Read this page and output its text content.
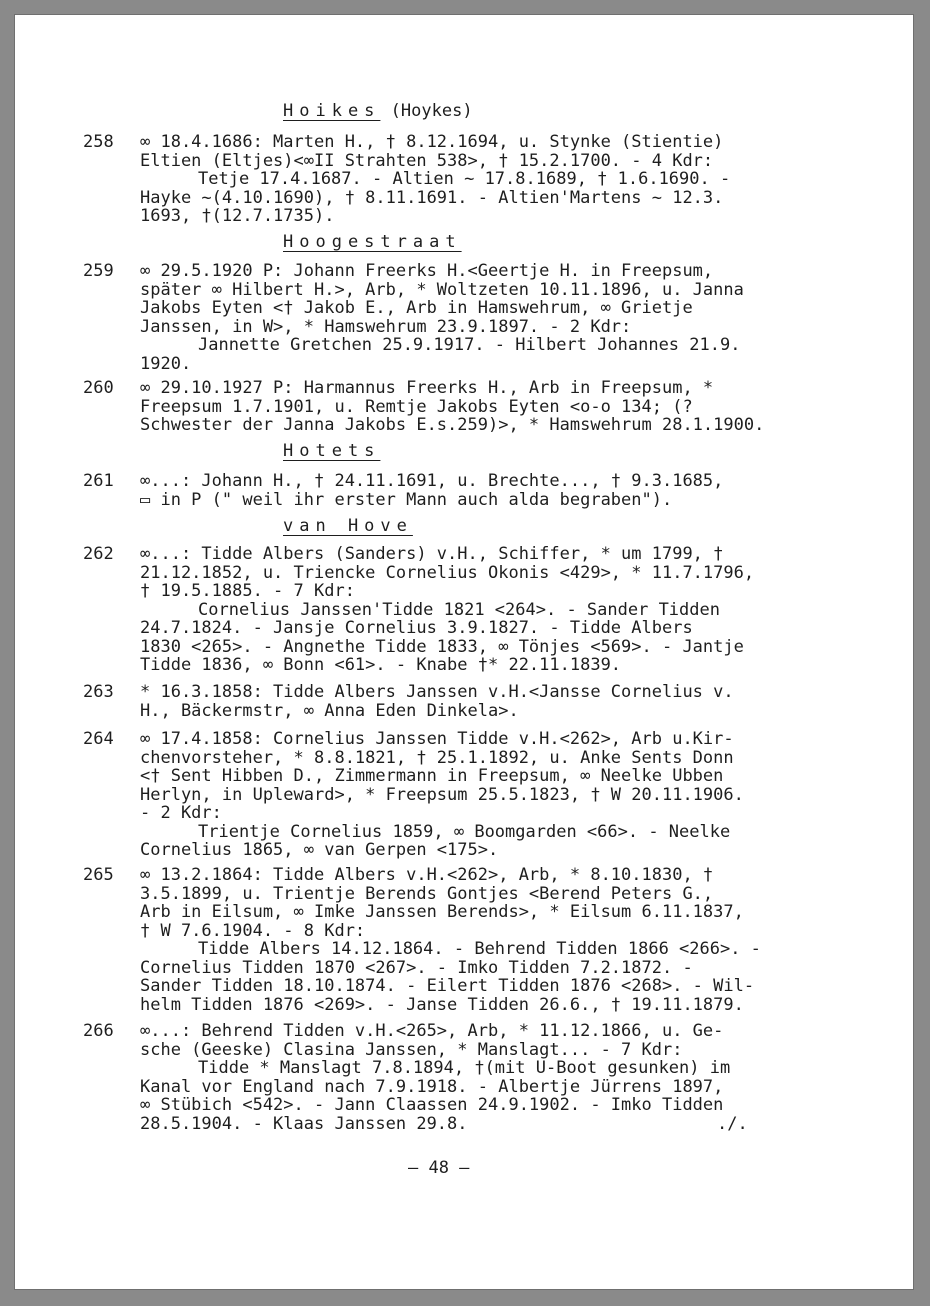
Hoikes (Hoykes)
258 ∞ 18.4.1686: Marten H., † 8.12.1694, u. Stynke (Stientie)
Eltien (Eltjes)<∞II Strahten 538>, † 15.2.1700. - 4 Kdr:
Tetje 17.4.1687. - Altien ~ 17.8.1689, † 1.6.1690. -
Hayke ~(4.10.1690), † 8.11.1691. - Altien'Martens ~ 12.3.
1693, †(12.7.1735).
Hoogestraat
259 ∞ 29.5.1920 P: Johann Freerks H.<Geertje H. in Freepsum,
später ∞ Hilbert H.>, Arb, * Woltzeten 10.11.1896, u. Janna
Jakobs Eyten <† Jakob E., Arb in Hamswehrum, ∞ Grietje
Janssen, in W>, * Hamswehrum 23.9.1897. - 2 Kdr:
Jannette Gretchen 25.9.1917. - Hilbert Johannes 21.9.
1920.
260 ∞ 29.10.1927 P: Harmannus Freerks H., Arb in Freepsum, *
Freepsum 1.7.1901, u. Remtje Jakobs Eyten <o-o 134; (?
Schwester der Janna Jakobs E.s.259)>, * Hamswehrum 28.1.1900.
Hotets
261 ∞...: Johann H., † 24.11.1691, u. Brechte..., † 9.3.1685,
▭ in P (" weil ihr erster Mann auch alda begraben").
van Hove
262 ∞...: Tidde Albers (Sanders) v.H., Schiffer, * um 1799, †
21.12.1852, u. Triencke Cornelius Okonis <429>, * 11.7.1796,
† 19.5.1885. - 7 Kdr:
Cornelius Janssen'Tidde 1821 <264>. - Sander Tidden
24.7.1824. - Jansje Cornelius 3.9.1827. - Tidde Albers
1830 <265>. - Angnethe Tidde 1833, ∞ Tönjes <569>. - Jantje
Tidde 1836, ∞ Bonn <61>. - Knabe †* 22.11.1839.
263 * 16.3.1858: Tidde Albers Janssen v.H.<Jansse Cornelius v.
H., Bäckermstr, ∞ Anna Eden Dinkela>.
264 ∞ 17.4.1858: Cornelius Janssen Tidde v.H.<262>, Arb u.Kir-
chenvorsteher, * 8.8.1821, † 25.1.1892, u. Anke Sents Donn
<† Sent Hibben D., Zimmermann in Freepsum, ∞ Neelke Ubben
Herlyn, in Upleward>, * Freepsum 25.5.1823, † W 20.11.1906.
- 2 Kdr:
Trientje Cornelius 1859, ∞ Boomgarden <66>. - Neelke
Cornelius 1865, ∞ van Gerpen <175>.
265 ∞ 13.2.1864: Tidde Albers v.H.<262>, Arb, * 8.10.1830, †
3.5.1899, u. Trientje Berends Gontjes <Berend Peters G.,
Arb in Eilsum, ∞ Imke Janssen Berends>, * Eilsum 6.11.1837,
† W 7.6.1904. - 8 Kdr:
Tidde Albers 14.12.1864. - Behrend Tidden 1866 <266>. -
Cornelius Tidden 1870 <267>. - Imko Tidden 7.2.1872. -
Sander Tidden 18.10.1874. - Eilert Tidden 1876 <268>. - Wil-
helm Tidden 1876 <269>. - Janse Tidden 26.6., † 19.11.1879.
266 ∞...: Behrend Tidden v.H.<265>, Arb, * 11.12.1866, u. Ge-
sche (Geeske) Clasina Janssen, * Manslagt... - 7 Kdr:
Tidde * Manslagt 7.8.1894, †(mit U-Boot gesunken) im
Kanal vor England nach 7.9.1918. - Albertje Jürrens 1897,
∞ Stübich <542>. - Jann Claassen 24.9.1902. - Imko Tidden
28.5.1904. - Klaas Janssen 29.8.	./.
– 48 –
